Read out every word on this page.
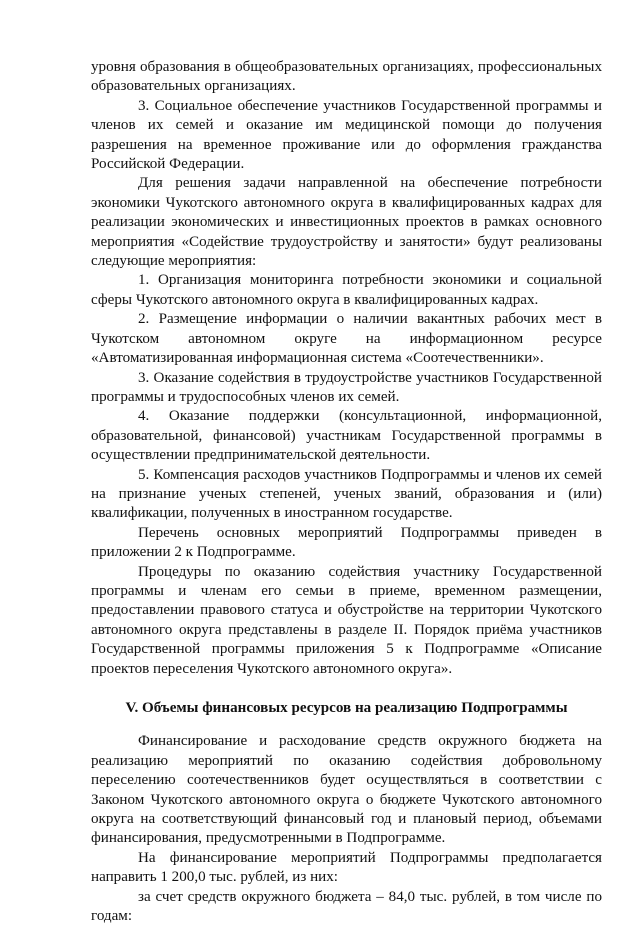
уровня образования в общеобразовательных организациях, профессиональных образовательных организациях.

3. Социальное обеспечение участников Государственной программы и членов их семей и оказание им медицинской помощи до получения разрешения на временное проживание или до оформления гражданства Российской Федерации.

Для решения задачи направленной на обеспечение потребности экономики Чукотского автономного округа в квалифицированных кадрах для реализации экономических и инвестиционных проектов в рамках основного мероприятия «Содействие трудоустройству и занятости» будут реализованы следующие мероприятия:

1. Организация мониторинга потребности экономики и социальной сферы Чукотского автономного округа в квалифицированных кадрах.

2. Размещение информации о наличии вакантных рабочих мест в Чукотском автономном округе на информационном ресурсе «Автоматизированная информационная система «Соотечественники».

3. Оказание содействия в трудоустройстве участников Государственной программы и трудоспособных членов их семей.

4. Оказание поддержки (консультационной, информационной, образовательной, финансовой) участникам Государственной программы в осуществлении предпринимательской деятельности.

5. Компенсация расходов участников Подпрограммы и членов их семей на признание ученых степеней, ученых званий, образования и (или) квалификации, полученных в иностранном государстве.

Перечень основных мероприятий Подпрограммы приведен в приложении 2 к Подпрограмме.

Процедуры по оказанию содействия участнику Государственной программы и членам его семьи в приеме, временном размещении, предоставлении правового статуса и обустройстве на территории Чукотского автономного округа представлены в разделе II. Порядок приёма участников Государственной программы приложения 5 к Подпрограмме «Описание проектов переселения Чукотского автономного округа».

V. Объемы финансовых ресурсов на реализацию Подпрограммы

Финансирование и расходование средств окружного бюджета на реализацию мероприятий по оказанию содействия добровольному переселению соотечественников будет осуществляться в соответствии с Законом Чукотского автономного округа о бюджете Чукотского автономного округа на соответствующий финансовый год и плановый период, объемами финансирования, предусмотренными в Подпрограмме.

На финансирование мероприятий Подпрограммы предполагается направить 1 200,0 тыс. рублей, из них:

за счет средств окружного бюджета – 84,0 тыс. рублей, в том числе по годам:
